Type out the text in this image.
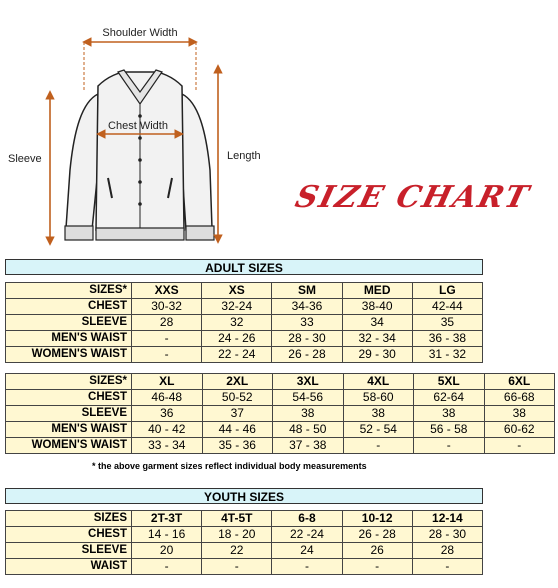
Shoulder Width
Chest Width
Sleeve	Length
SIZE CHART
ADULT SIZES
SIZES*	XXS	XS	SM	MED	LG
CHEST	30-32	32-24	34-36	38-40	42-44
SLEEVE	28	32	33	34	35
MEN'S WAIST	-	24 - 26	28 - 30	32 - 34	36 - 38
WOMEN'S WAIST	-	22 - 24	26 - 28	29 - 30	31 - 32
SIZES*	XL	2XL	3XL	4XL	5XL	6XL
CHEST	46-48	50-52	54-56	58-60	62-64	66-68
SLEEVE	36	37	38	38	38	38
MEN'S WAIST	40 - 42	44 - 46	48 - 50	52 - 54	56 - 58	60-62
WOMEN'S WAIST	33 - 34	35 - 36	37 - 38	-	-	-
* the above garment sizes reflect individual body measurements
YOUTH SIZES
SIZES	2T-3T	4T-5T	6-8	10-12	12-14
CHEST	14 - 16	18 - 20	22 -24	26 - 28	28 - 30
SLEEVE	20	22	24	26	28
WAIST	-	-	-	-	-
